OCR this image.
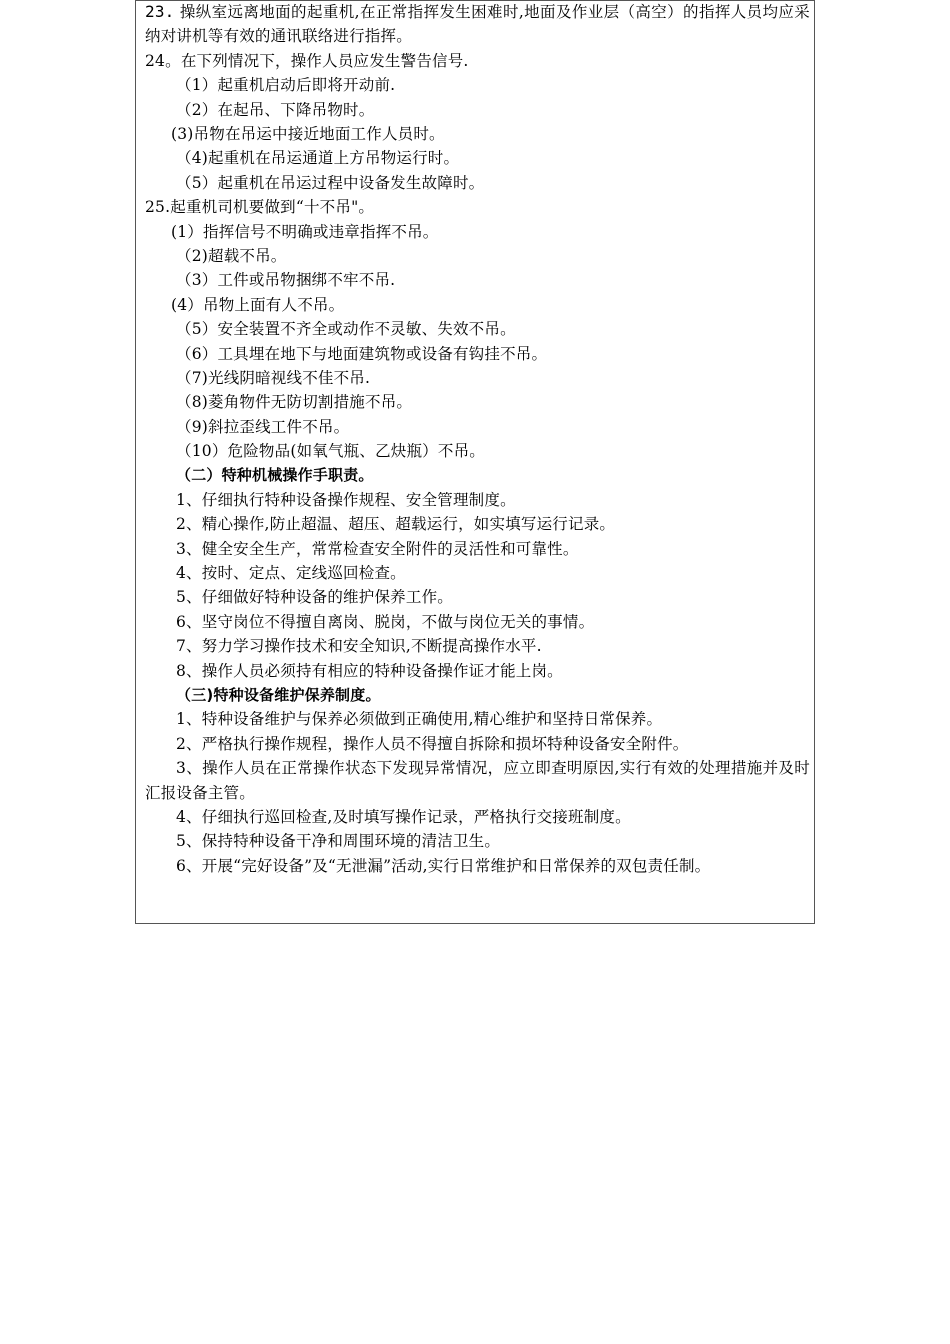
23. 操纵室远离地面的起重机,在正常指挥发生困难时,地面及作业层（高空）的指挥人员均应采纳对讲机等有效的通讯联络进行指挥。
24。在下列情况下，操作人员应发生警告信号.
（1）起重机启动后即将开动前.
（2）在起吊、下降吊物时。
(3)吊物在吊运中接近地面工作人员时。
（4)起重机在吊运通道上方吊物运行时。
（5）起重机在吊运过程中设备发生故障时。
25.起重机司机要做到“十不吊"。
(1）指挥信号不明确或违章指挥不吊。
（2)超载不吊。
（3）工件或吊物捆绑不牢不吊.
(4）吊物上面有人不吊。
（5）安全装置不齐全或动作不灵敏、失效不吊。
（6）工具埋在地下与地面建筑物或设备有钩挂不吊。
（7)光线阴暗视线不佳不吊.
（8)菱角物件无防切割措施不吊。
（9)斜拉歪线工件不吊。
（10）危险物品(如氧气瓶、乙炔瓶）不吊。
（二）特种机械操作手职责。
1、仔细执行特种设备操作规程、安全管理制度。
2、精心操作,防止超温、超压、超载运行，如实填写运行记录。
3、健全安全生产，常常检查安全附件的灵活性和可靠性。
4、按时、定点、定线巡回检查。
5、仔细做好特种设备的维护保养工作。
6、坚守岗位不得擅自离岗、脱岗，不做与岗位无关的事情。
7、努力学习操作技术和安全知识,不断提高操作水平.
8、操作人员必须持有相应的特种设备操作证才能上岗。
（三)特种设备维护保养制度。
1、特种设备维护与保养必须做到正确使用,精心维护和坚持日常保养。
2、严格执行操作规程，操作人员不得擅自拆除和损坏特种设备安全附件。
3、操作人员在正常操作状态下发现异常情况，应立即查明原因,实行有效的处理措施并及时汇报设备主管。
4、仔细执行巡回检查,及时填写操作记录，严格执行交接班制度。
5、保持特种设备干净和周围环境的清洁卫生。
6、开展“完好设备”及“无泄漏”活动,实行日常维护和日常保养的双包责任制。
